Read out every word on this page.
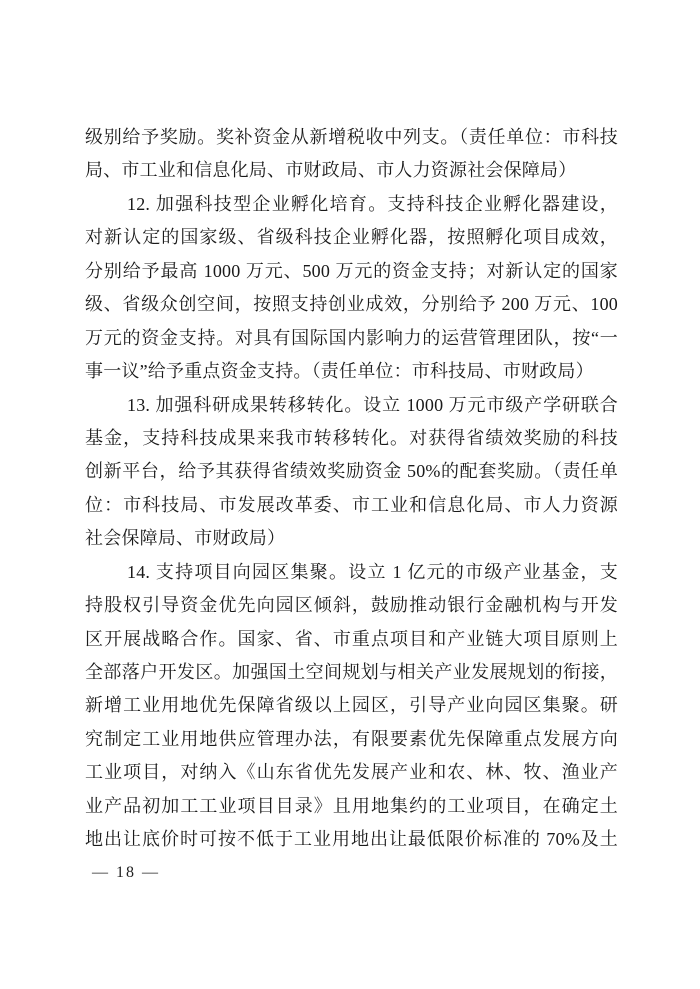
级别给予奖励。奖补资金从新增税收中列支。（责任单位：市科技
局、市工业和信息化局、市财政局、市人力资源社会保障局）
12. 加强科技型企业孵化培育。支持科技企业孵化器建设，
对新认定的国家级、省级科技企业孵化器，按照孵化项目成效，
分别给予最高 1000 万元、500 万元的资金支持；对新认定的国家
级、省级众创空间，按照支持创业成效，分别给予 200 万元、100
万元的资金支持。对具有国际国内影响力的运营管理团队，按“一
事一议”给予重点资金支持。（责任单位：市科技局、市财政局）
13. 加强科研成果转移转化。设立 1000 万元市级产学研联合
基金，支持科技成果来我市转移转化。对获得省绩效奖励的科技
创新平台，给予其获得省绩效奖励资金 50%的配套奖励。（责任单
位：市科技局、市发展改革委、市工业和信息化局、市人力资源
社会保障局、市财政局）
14. 支持项目向园区集聚。设立 1 亿元的市级产业基金，支
持股权引导资金优先向园区倾斜，鼓励推动银行金融机构与开发
区开展战略合作。国家、省、市重点项目和产业链大项目原则上
全部落户开发区。加强国土空间规划与相关产业发展规划的衔接，
新增工业用地优先保障省级以上园区，引导产业向园区集聚。研
究制定工业用地供应管理办法，有限要素优先保障重点发展方向
工业项目，对纳入《山东省优先发展产业和农、林、牧、渔业产
业产品初加工工业项目目录》且用地集约的工业项目，在确定土
地出让底价时可按不低于工业用地出让最低限价标准的 70%及土
— 18 —
